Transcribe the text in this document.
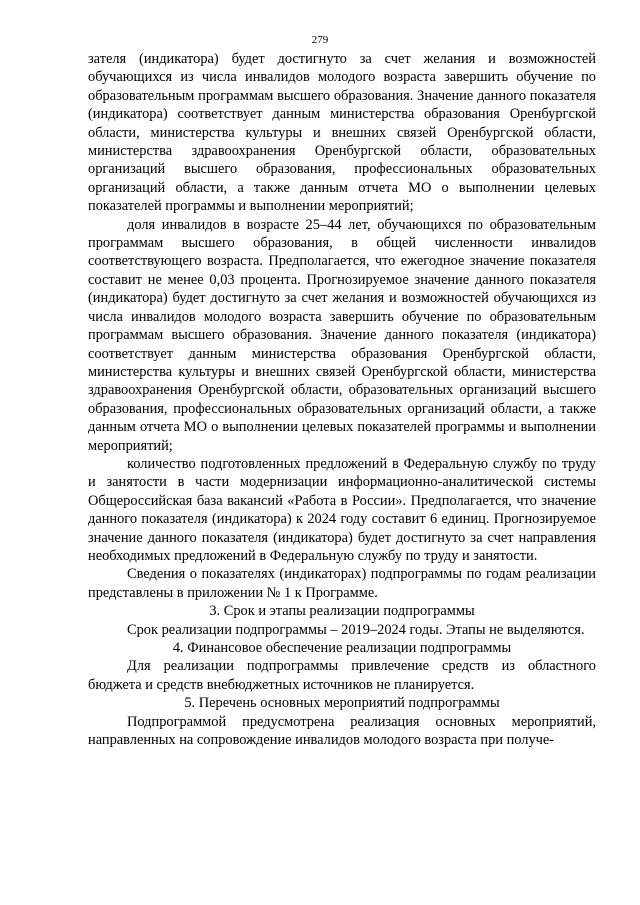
279

зателя (индикатора) будет достигнуто за счет желания и возможностей обучающихся из числа инвалидов молодого возраста завершить обучение по образовательным программам высшего образования. Значение данного показателя (индикатора) соответствует данным министерства образования Оренбургской области, министерства культуры и внешних связей Оренбургской области, министерства здравоохранения Оренбургской области, образовательных организаций высшего образования, профессиональных образовательных организаций области, а также данным отчета МО о выполнении целевых показателей программы и выполнении мероприятий;

доля инвалидов в возрасте 25–44 лет, обучающихся по образовательным программам высшего образования, в общей численности инвалидов соответствующего возраста. Предполагается, что ежегодное значение показателя составит не менее 0,03 процента. Прогнозируемое значение данного показателя (индикатора) будет достигнуто за счет желания и возможностей обучающихся из числа инвалидов молодого возраста завершить обучение по образовательным программам высшего образования. Значение данного показателя (индикатора) соответствует данным министерства образования Оренбургской области, министерства культуры и внешних связей Оренбургской области, министерства здравоохранения Оренбургской области, образовательных организаций высшего образования, профессиональных образовательных организаций области, а также данным отчета МО о выполнении целевых показателей программы и выполнении мероприятий;

количество подготовленных предложений в Федеральную службу по труду и занятости в части модернизации информационно-аналитической системы Общероссийская база вакансий «Работа в России». Предполагается, что значение данного показателя (индикатора) к 2024 году составит 6 единиц. Прогнозируемое значение данного показателя (индикатора) будет достигнуто за счет направления необходимых предложений в Федеральную службу по труду и занятости.

Сведения о показателях (индикаторах) подпрограммы по годам реализации представлены в приложении № 1 к Программе.

3. Срок и этапы реализации подпрограммы

Срок реализации подпрограммы – 2019–2024 годы. Этапы не выделяются.

4. Финансовое обеспечение реализации подпрограммы

Для реализации подпрограммы привлечение средств из областного бюджета и средств внебюджетных источников не планируется.

5. Перечень основных мероприятий подпрограммы

Подпрограммой предусмотрена реализация основных мероприятий, направленных на сопровождение инвалидов молодого возраста при получе-
